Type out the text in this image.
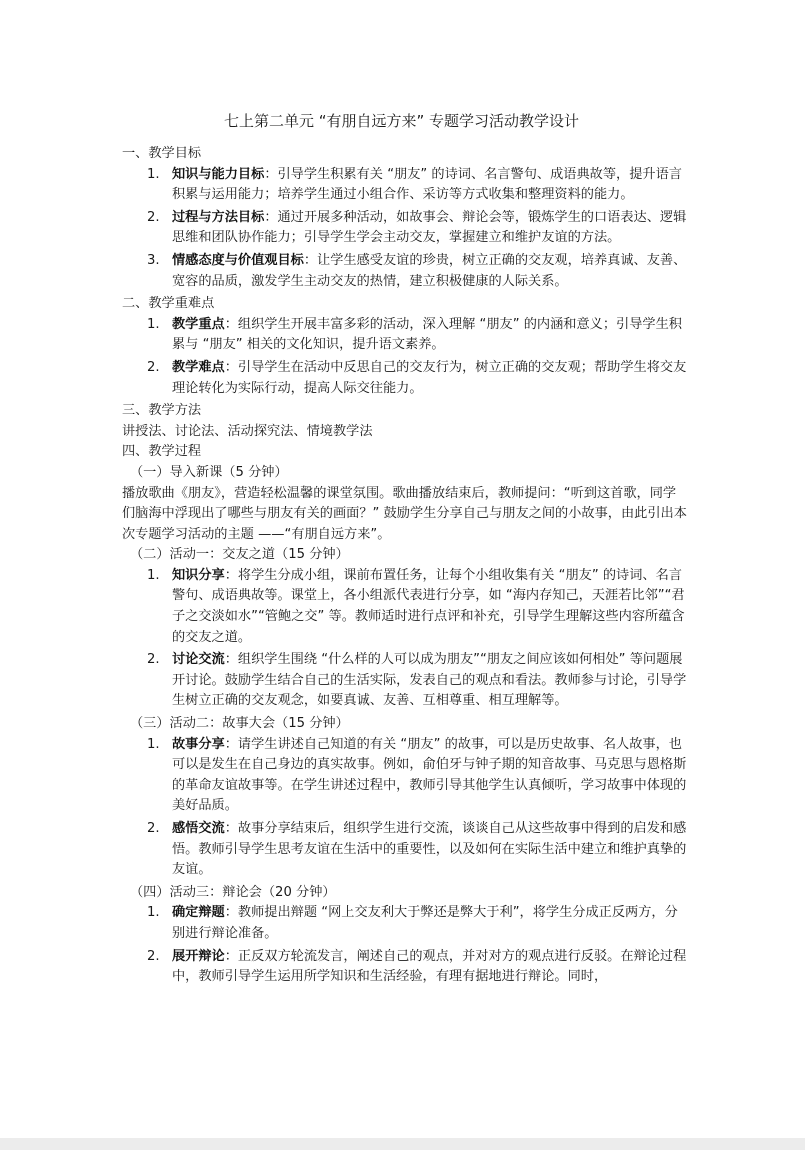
七上第二单元 “有朋自远方来” 专题学习活动教学设计
一、教学目标
1. 知识与能力目标：引导学生积累有关 “朋友” 的诗词、名言警句、成语典故等，提升语言积累与运用能力；培养学生通过小组合作、采访等方式收集和整理资料的能力。
2. 过程与方法目标：通过开展多种活动，如故事会、辩论会等，锻炼学生的口语表达、逻辑思维和团队协作能力；引导学生学会主动交友，掌握建立和维护友谊的方法。
3. 情感态度与价值观目标：让学生感受友谊的珍贵，树立正确的交友观，培养真诚、友善、宽容的品质，激发学生主动交友的热情，建立积极健康的人际关系。
二、教学重难点
1. 教学重点：组织学生开展丰富多彩的活动，深入理解 “朋友” 的内涵和意义；引导学生积累与 “朋友” 相关的文化知识，提升语文素养。
2. 教学难点：引导学生在活动中反思自己的交友行为，树立正确的交友观；帮助学生将交友理论转化为实际行动，提高人际交往能力。
三、教学方法
讲授法、讨论法、活动探究法、情境教学法
四、教学过程
（一）导入新课（5 分钟）
播放歌曲《朋友》，营造轻松温馨的课堂氛围。歌曲播放结束后，教师提问：“听到这首歌，同学们脑海中浮现出了哪些与朋友有关的画面？” 鼓励学生分享自己与朋友之间的小故事，由此引出本次专题学习活动的主题 ——“有朋自远方来”。
（二）活动一：交友之道（15 分钟）
1. 知识分享：将学生分成小组，课前布置任务，让每个小组收集有关 “朋友” 的诗词、名言警句、成语典故等。课堂上，各小组派代表进行分享，如 “海内存知己，天涯若比邻”“君子之交淡如水”“管鲍之交” 等。教师适时进行点评和补充，引导学生理解这些内容所蕴含的交友之道。
2. 讨论交流：组织学生围绕 “什么样的人可以成为朋友”“朋友之间应该如何相处” 等问题展开讨论。鼓励学生结合自己的生活实际，发表自己的观点和看法。教师参与讨论，引导学生树立正确的交友观念，如要真诚、友善、互相尊重、相互理解等。
（三）活动二：故事大会（15 分钟）
1. 故事分享：请学生讲述自己知道的有关 “朋友” 的故事，可以是历史故事、名人故事，也可以是发生在自己身边的真实故事。例如，俞伯牙与钟子期的知音故事、马克思与恩格斯的革命友谊故事等。在学生讲述过程中，教师引导其他学生认真倾听，学习故事中体现的美好品质。
2. 感悟交流：故事分享结束后，组织学生进行交流，谈谈自己从这些故事中得到的启发和感悟。教师引导学生思考友谊在生活中的重要性，以及如何在实际生活中建立和维护真挚的友谊。
（四）活动三：辩论会（20 分钟）
1. 确定辩题：教师提出辩题 “网上交友利大于弊还是弊大于利”，将学生分成正反两方，分别进行辩论准备。
2. 展开辩论：正反双方轮流发言，阐述自己的观点，并对对方的观点进行反驳。在辩论过程中，教师引导学生运用所学知识和生活经验，有理有据地进行辩论。同时，
